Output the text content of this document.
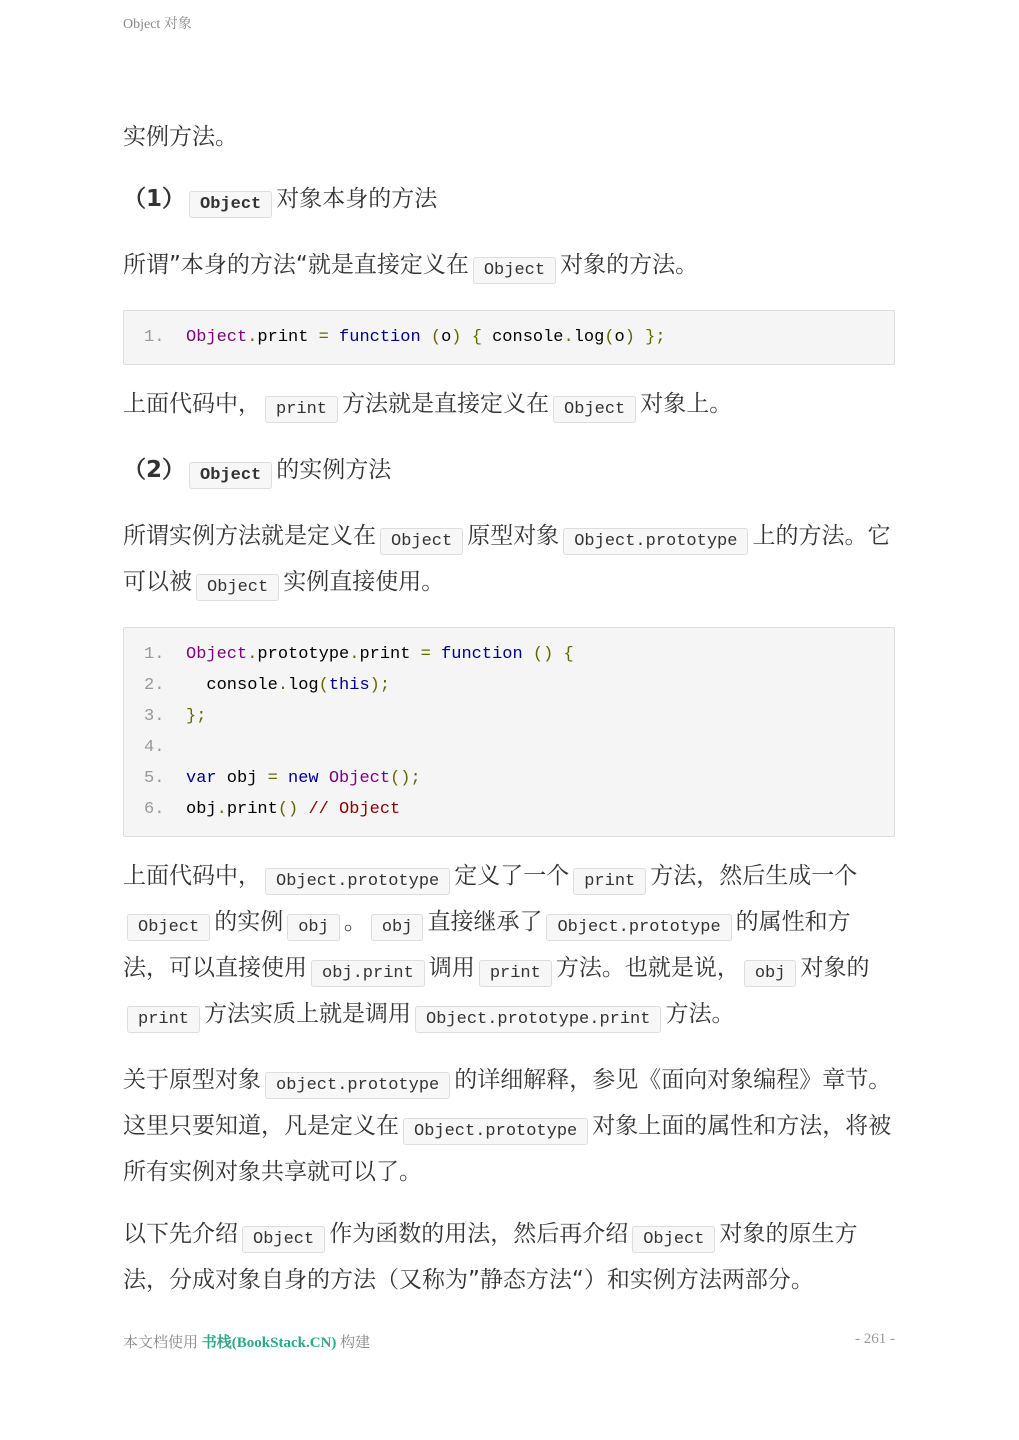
Object 对象

实例方法。

（1） Object 对象本身的方法

所谓”本身的方法“就是直接定义在 Object 对象的方法。

1. Object.print = function (o) { console.log(o) };

上面代码中， print 方法就是直接定义在 Object 对象上。

（2） Object 的实例方法

所谓实例方法就是定义在 Object 原型对象 Object.prototype 上的方法。它可以被 Object 实例直接使用。

1. Object.prototype.print = function () {
2.  console.log(this);
3. };
4.
5. var obj = new Object();
6. obj.print() // Object

上面代码中， Object.prototype 定义了一个 print 方法，然后生成一个Object 的实例 obj 。 obj 直接继承了 Object.prototype 的属性和方法，可以直接使用 obj.print 调用 print 方法。也就是说， obj 对象的print 方法实质上就是调用 Object.prototype.print 方法。

关于原型对象 object.prototype 的详细解释，参见《面向对象编程》章节。这里只要知道，凡是定义在 Object.prototype 对象上面的属性和方法，将被所有实例对象共享就可以了。

以下先介绍 Object 作为函数的用法，然后再介绍 Object 对象的原生方法，分成对象自身的方法（又称为”静态方法“）和实例方法两部分。

本文档使用 书栈(BookStack.CN) 构建	- 261 -
